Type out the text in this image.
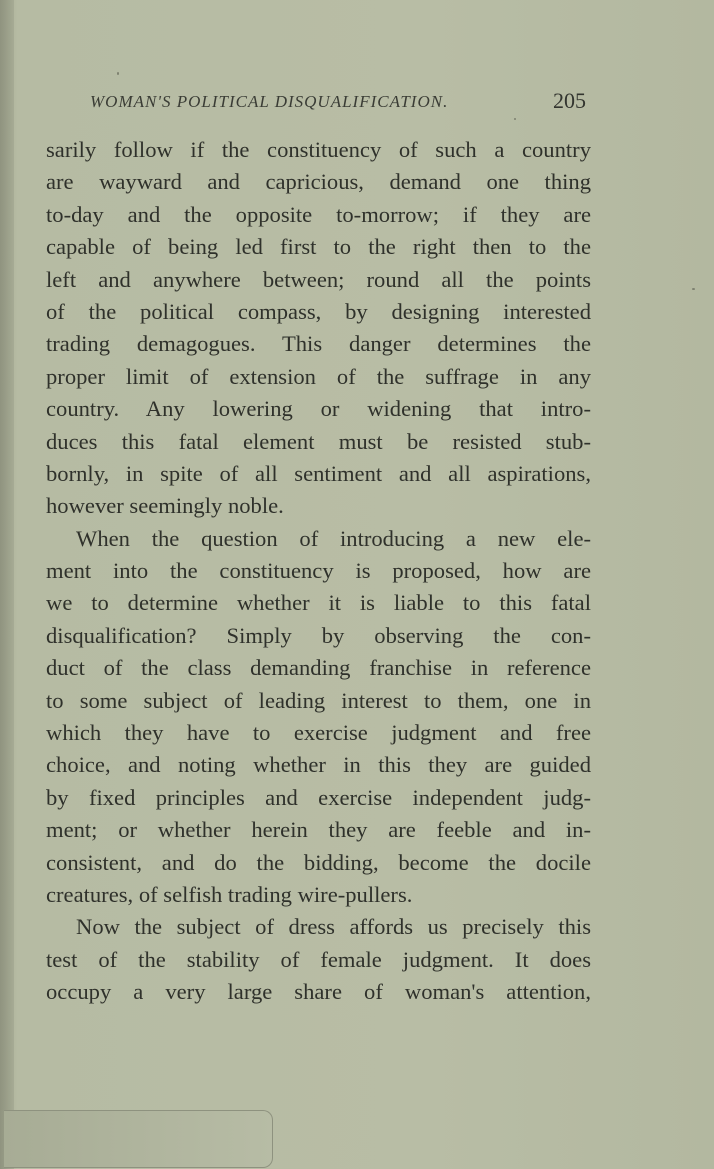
WOMAN'S POLITICAL DISQUALIFICATION.	205
sarily follow if the constituency of such a country
are wayward and capricious, demand one thing
to-day and the opposite to-morrow; if they are
capable of being led first to the right then to the
left and anywhere between; round all the points
of the political compass, by designing interested
trading demagogues. This danger determines the
proper limit of extension of the suffrage in any
country. Any lowering or widening that intro-
duces this fatal element must be resisted stub-
bornly, in spite of all sentiment and all aspirations,
however seemingly noble.
When the question of introducing a new ele-
ment into the constituency is proposed, how are
we to determine whether it is liable to this fatal
disqualification? Simply by observing the con-
duct of the class demanding franchise in reference
to some subject of leading interest to them, one in
which they have to exercise judgment and free
choice, and noting whether in this they are guided
by fixed principles and exercise independent judg-
ment; or whether herein they are feeble and in-
consistent, and do the bidding, become the docile
creatures, of selfish trading wire-pullers.
Now the subject of dress affords us precisely this
test of the stability of female judgment. It does
occupy a very large share of woman's attention,
